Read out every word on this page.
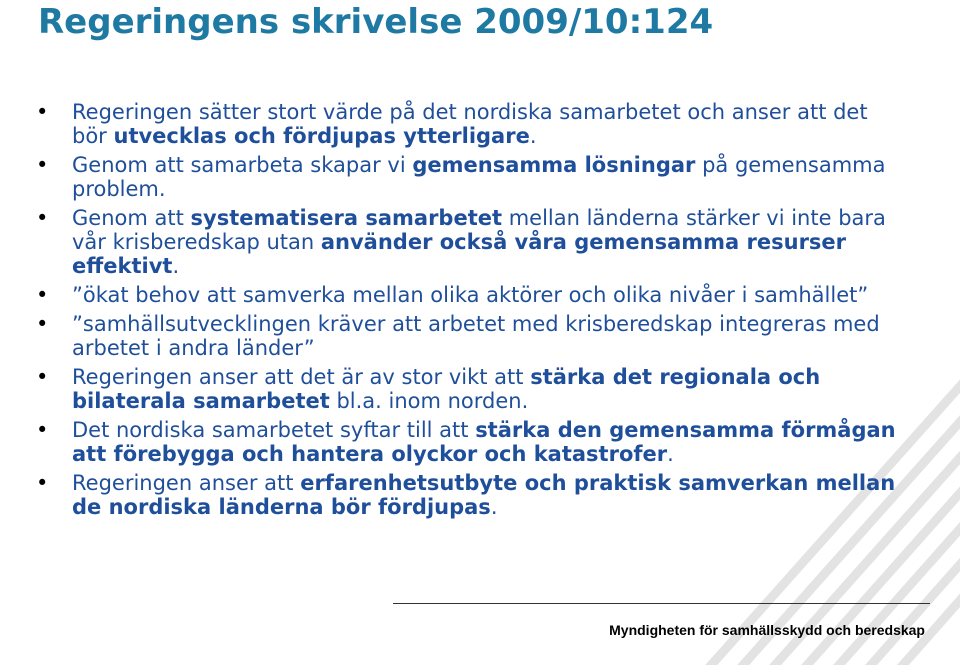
Regeringens skrivelse 2009/10:124
• Regeringen sätter stort värde på det nordiska samarbetet och anser att det bör utvecklas och fördjupas ytterligare.
• Genom att samarbeta skapar vi gemensamma lösningar på gemensamma problem.
• Genom att systematisera samarbetet mellan länderna stärker vi inte bara vår krisberedskap utan använder också våra gemensamma resurser effektivt.
• ”ökat behov att samverka mellan olika aktörer och olika nivåer i samhället”
• ”samhällsutvecklingen kräver att arbetet med krisberedskap integreras med arbetet i andra länder”
• Regeringen anser att det är av stor vikt att stärka det regionala och bilaterala samarbetet bl.a. inom norden.
• Det nordiska samarbetet syftar till att stärka den gemensamma förmågan att förebygga och hantera olyckor och katastrofer.
• Regeringen anser att erfarenhetsutbyte och praktisk samverkan mellan de nordiska länderna bör fördjupas.
Myndigheten för samhällsskydd och beredskap
